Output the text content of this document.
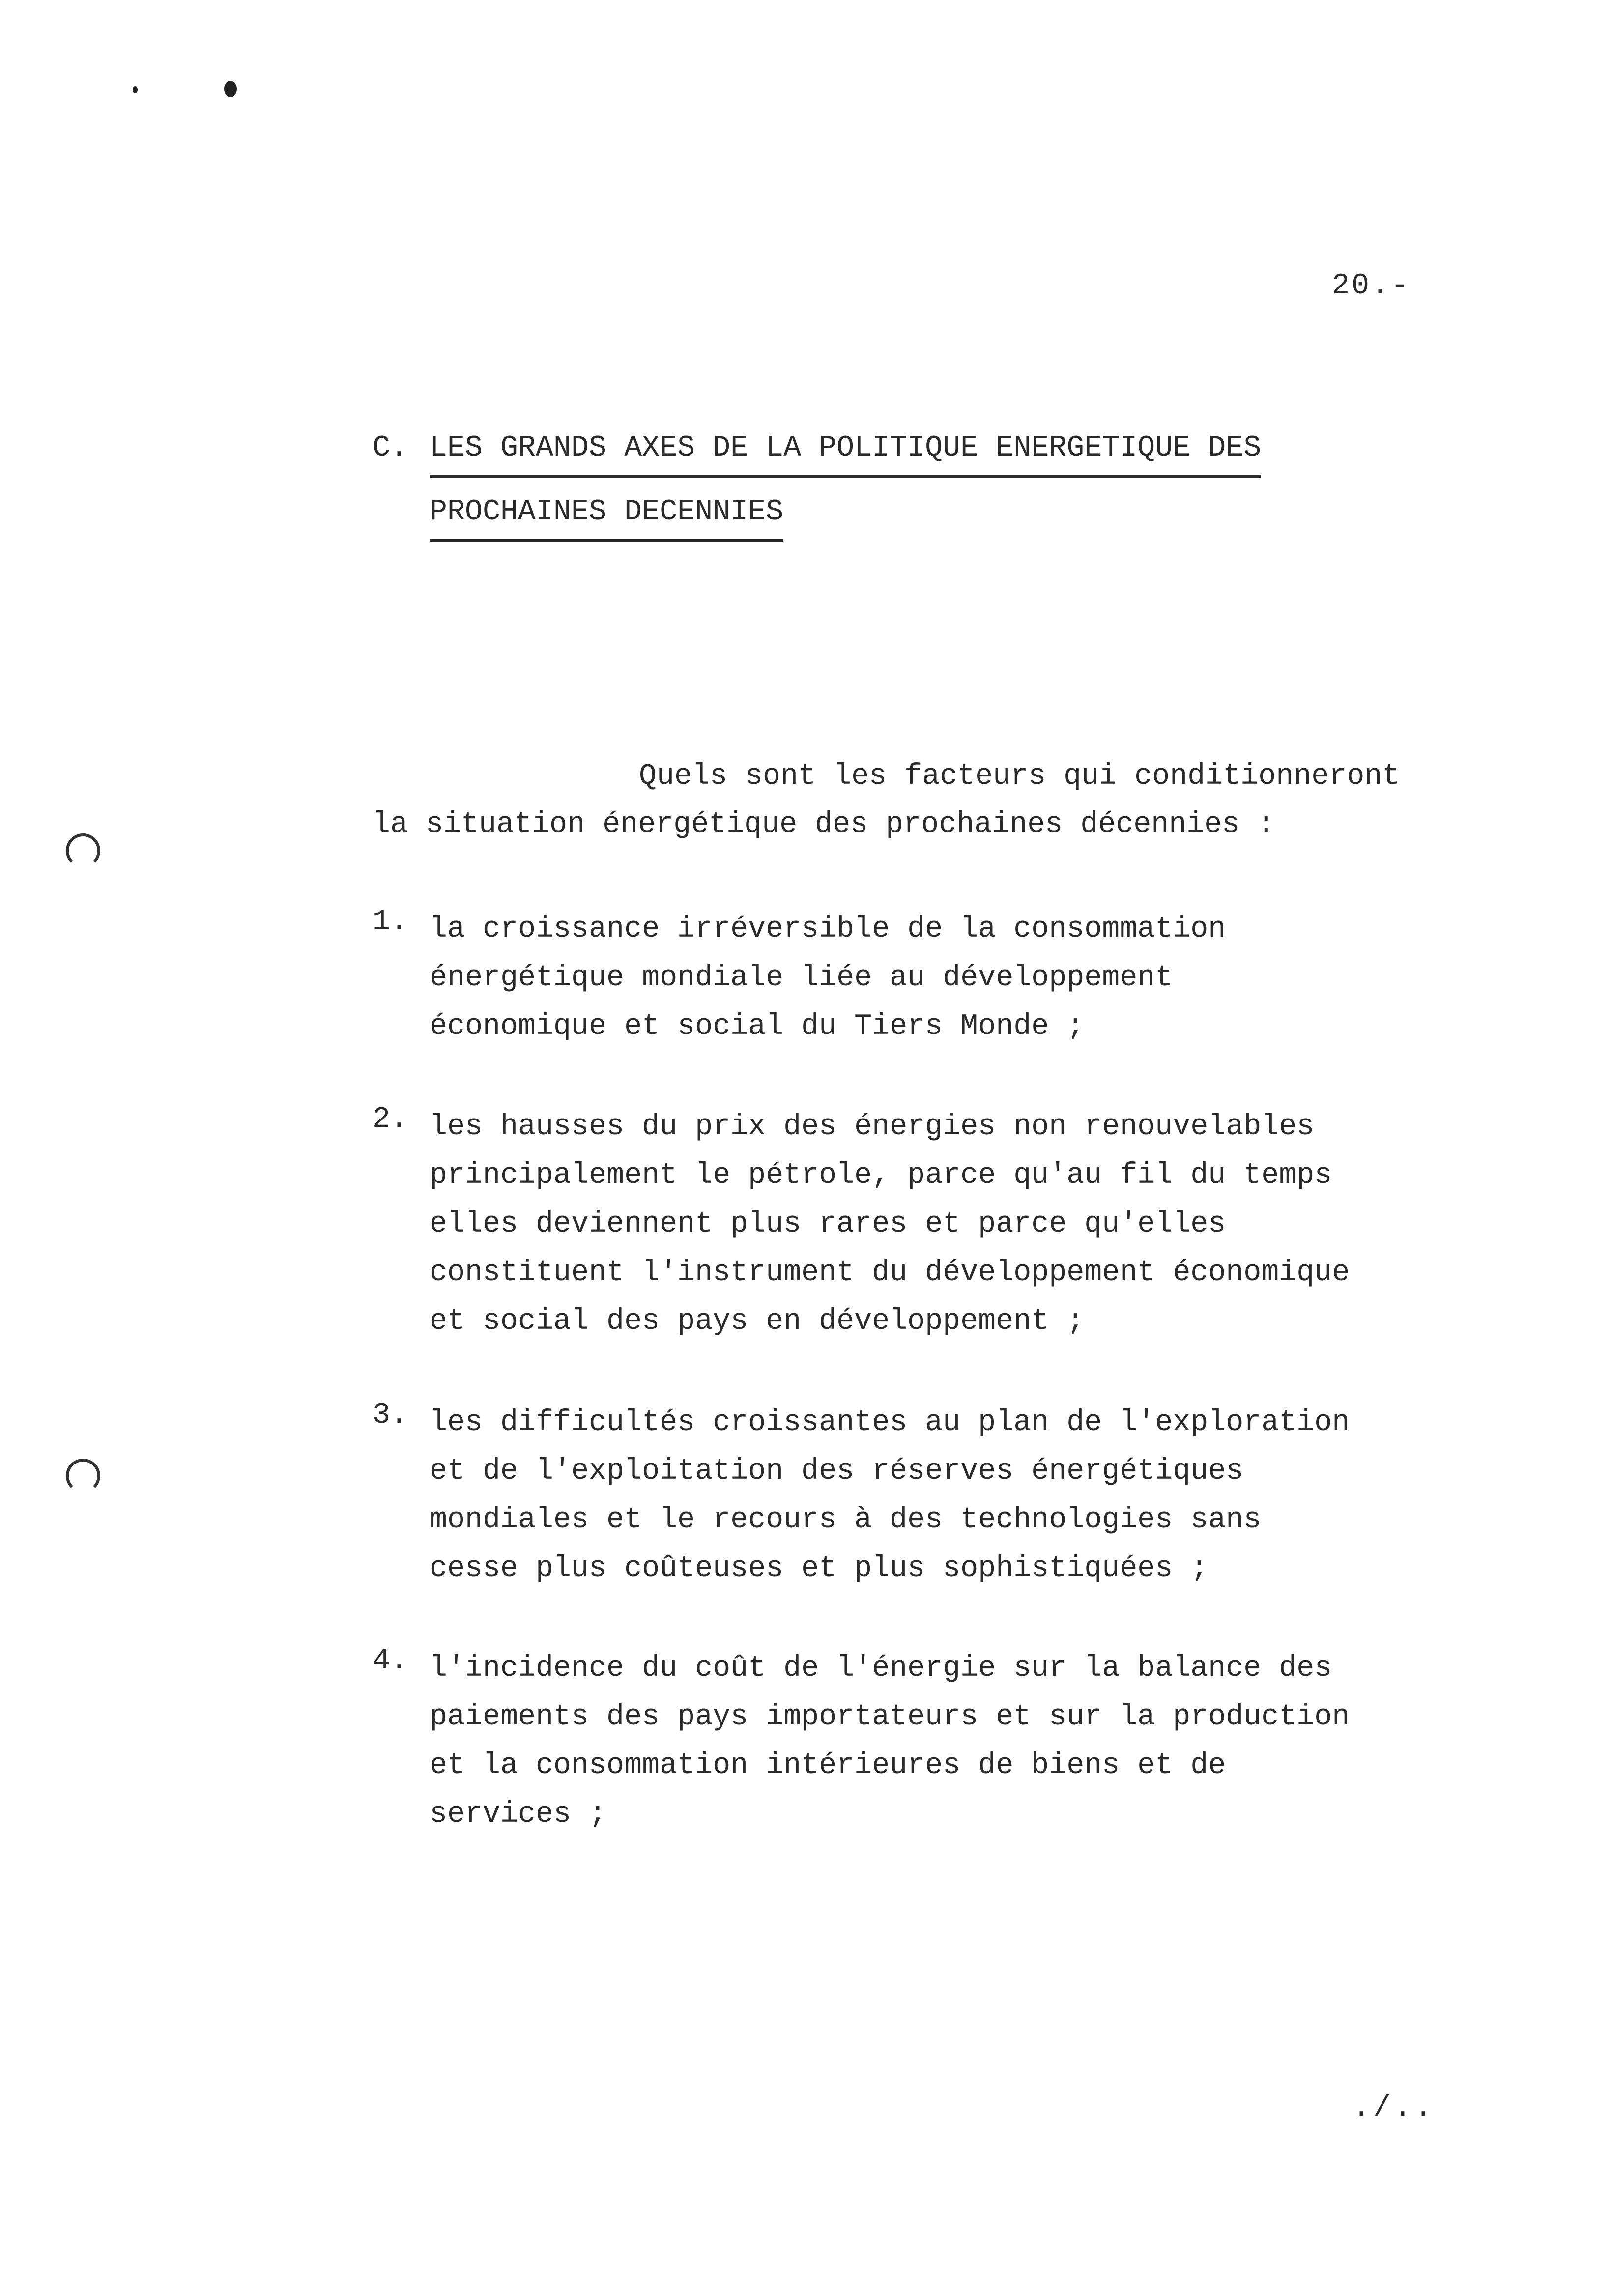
20.-
C. LES GRANDS AXES DE LA POLITIQUE ENERGETIQUE DES
PROCHAINES DECENNIES
Quels sont les facteurs qui conditionneront
la situation énergétique des prochaines décennies :
1. la croissance irréversible de la consommation
énergétique mondiale liée au développement
économique et social du Tiers Monde ;
2. les hausses du prix des énergies non renouvelables
principalement le pétrole, parce qu'au fil du temps
elles deviennent plus rares et parce qu'elles
constituent l'instrument du développement économique
et social des pays en développement ;
3. les difficultés croissantes au plan de l'exploration
et de l'exploitation des réserves énergétiques
mondiales et le recours à des technologies sans
cesse plus coûteuses et plus sophistiquées ;
4. l'incidence du coût de l'énergie sur la balance des
paiements des pays importateurs et sur la production
et la consommation intérieures de biens et de
services ;
./..
